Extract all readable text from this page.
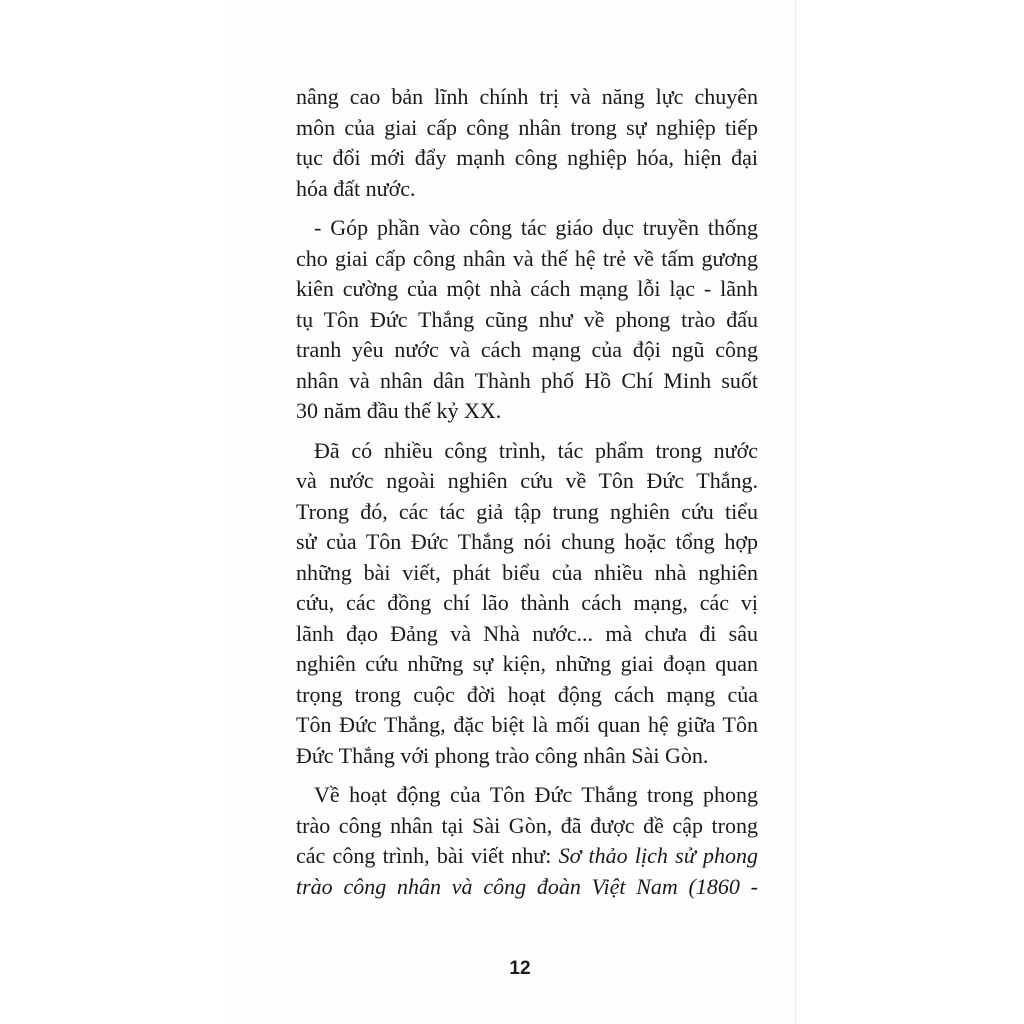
nâng cao bản lĩnh chính trị và năng lực chuyên
môn của giai cấp công nhân trong sự nghiệp tiếp
tục đổi mới đẩy mạnh công nghiệp hóa, hiện đại
hóa đất nước.
- Góp phần vào công tác giáo dục truyền thống
cho giai cấp công nhân và thế hệ trẻ về tấm gương
kiên cường của một nhà cách mạng lỗi lạc - lãnh
tụ Tôn Đức Thắng cũng như về phong trào đấu
tranh yêu nước và cách mạng của đội ngũ công
nhân và nhân dân Thành phố Hồ Chí Minh suốt
30 năm đầu thế kỷ XX.
Đã có nhiều công trình, tác phẩm trong nước
và nước ngoài nghiên cứu về Tôn Đức Thắng.
Trong đó, các tác giả tập trung nghiên cứu tiểu
sử của Tôn Đức Thắng nói chung hoặc tổng hợp
những bài viết, phát biểu của nhiều nhà nghiên
cứu, các đồng chí lão thành cách mạng, các vị
lãnh đạo Đảng và Nhà nước... mà chưa đi sâu
nghiên cứu những sự kiện, những giai đoạn quan
trọng trong cuộc đời hoạt động cách mạng của
Tôn Đức Thắng, đặc biệt là mối quan hệ giữa Tôn
Đức Thắng với phong trào công nhân Sài Gòn.
Về hoạt động của Tôn Đức Thắng trong phong
trào công nhân tại Sài Gòn, đã được đề cập trong
các công trình, bài viết như: Sơ thảo lịch sử phong
trào công nhân và công đoàn Việt Nam (1860 -
12
